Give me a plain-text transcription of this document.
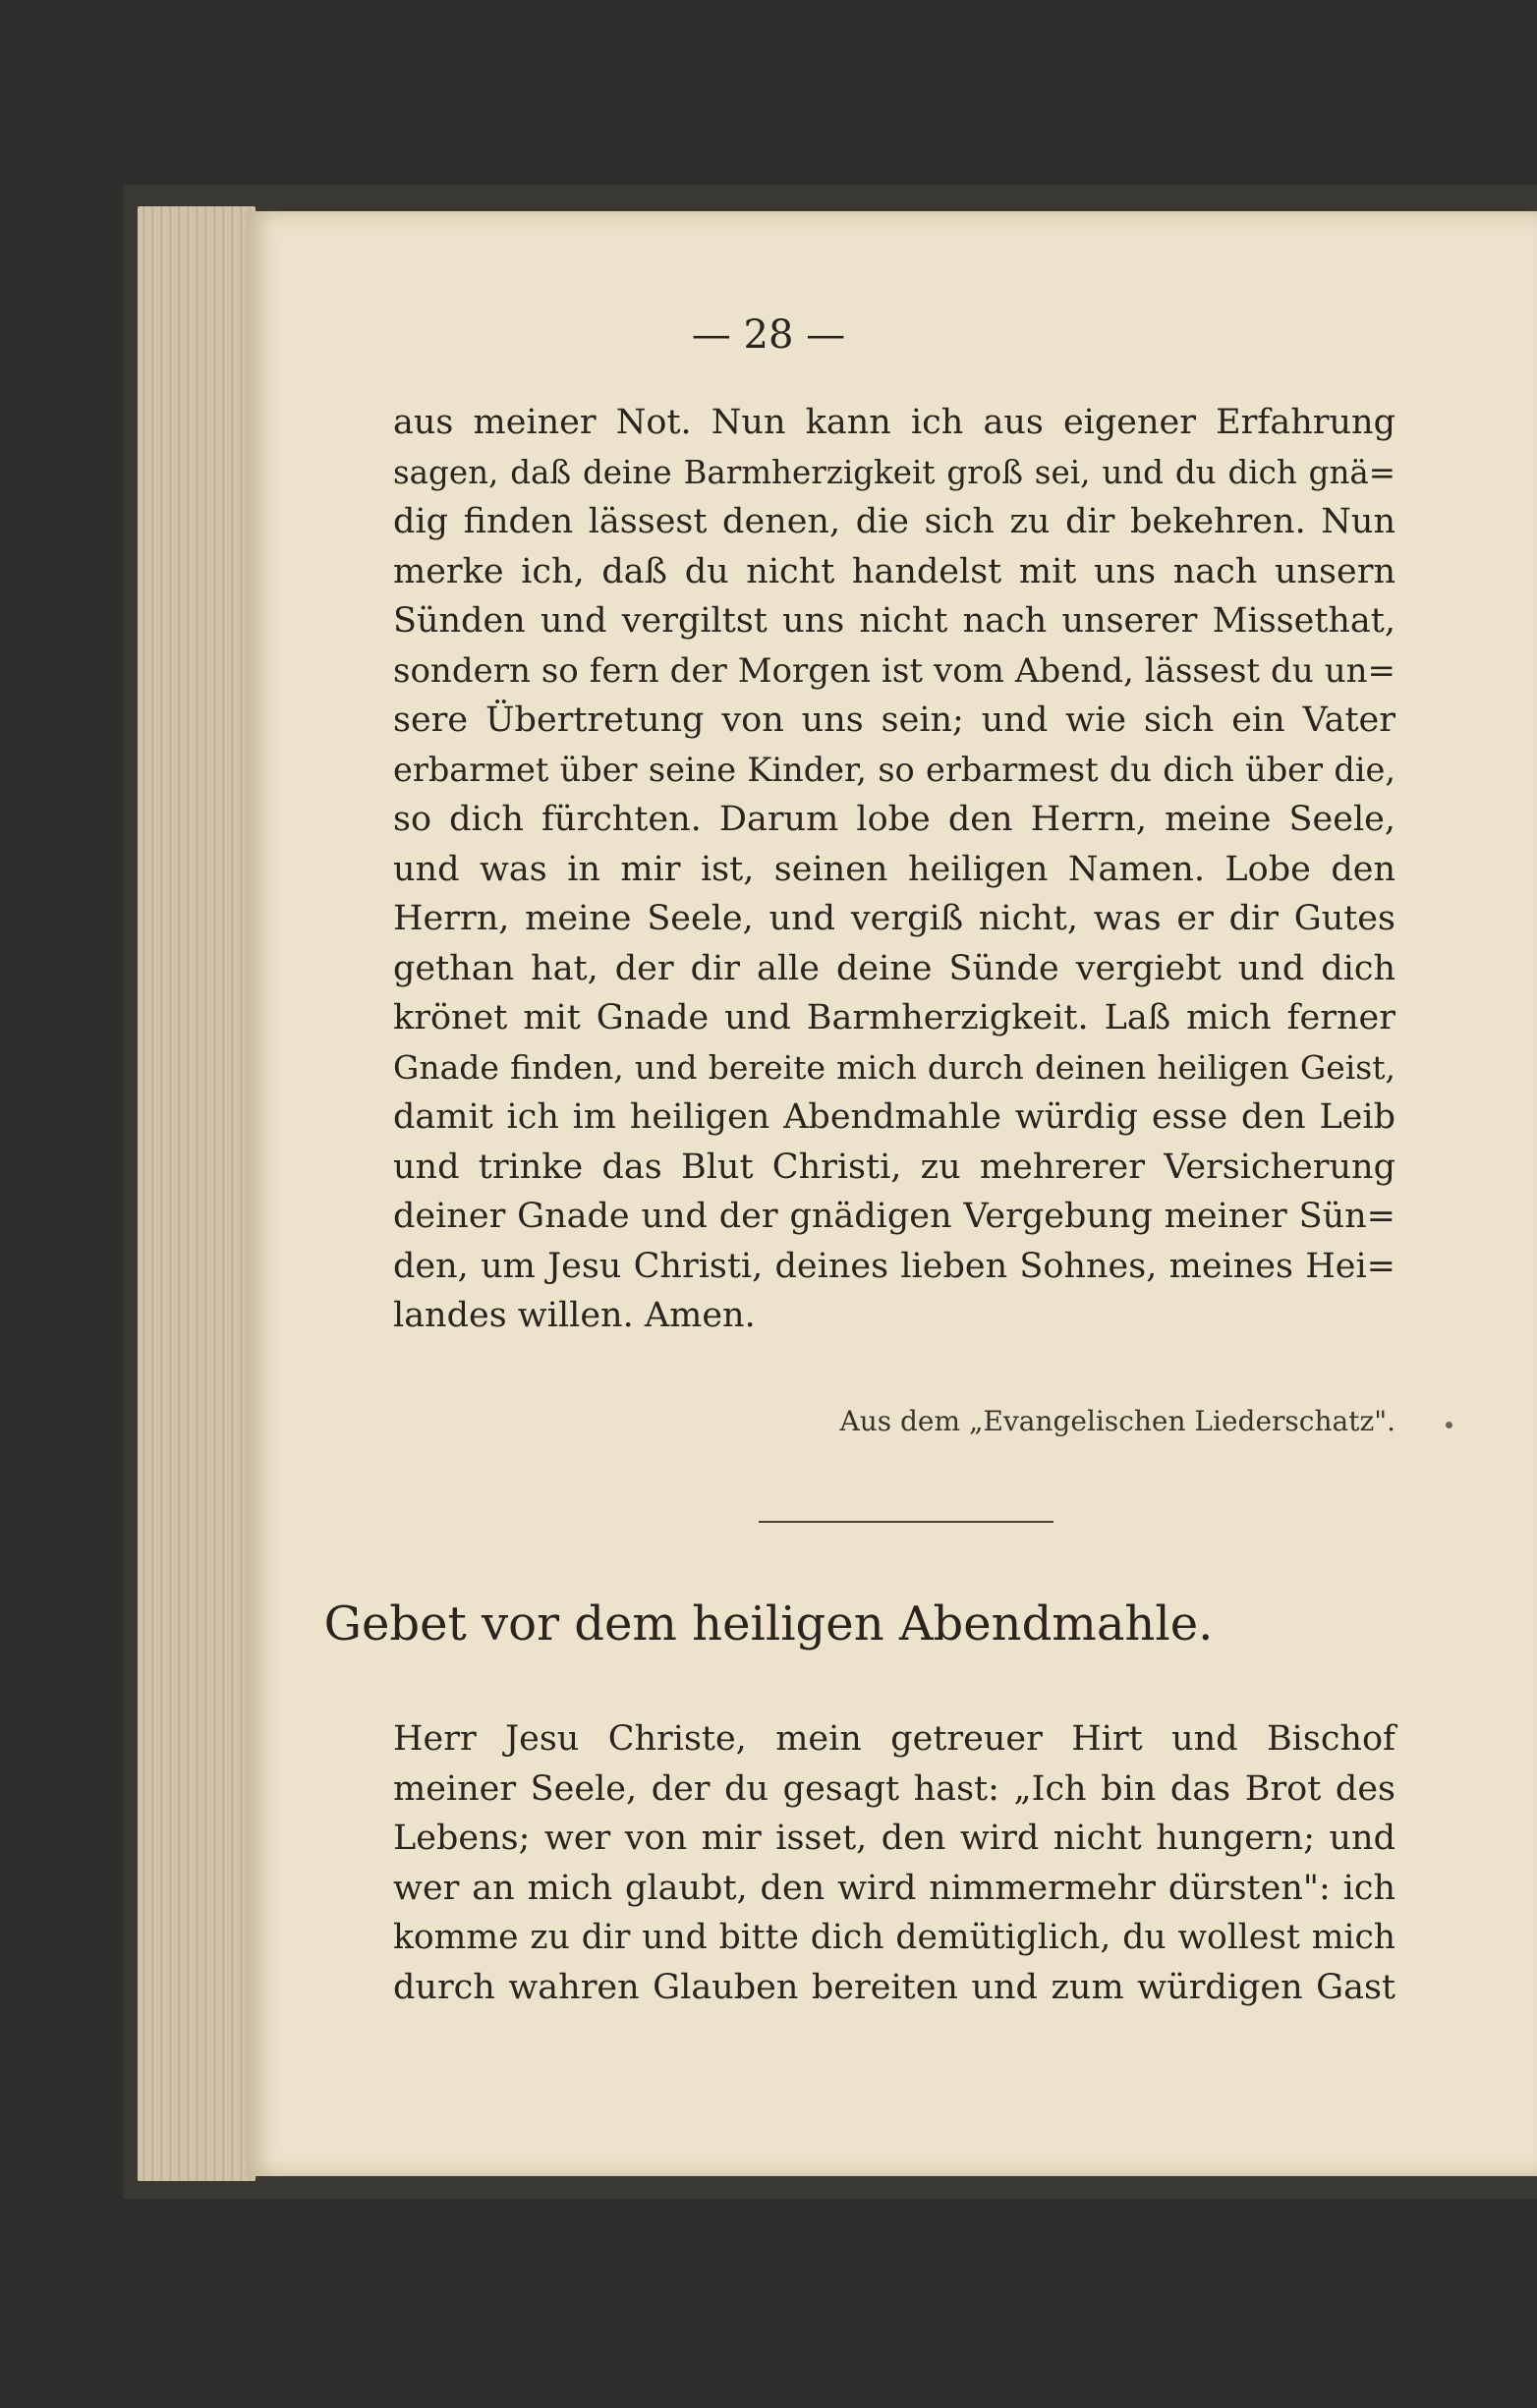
— 28 —

aus meiner Not. Nun kann ich aus eigener Erfahrung

sagen, daß deine Barmherzigkeit groß sei, und du dich gnä=

dig finden lässest denen, die sich zu dir bekehren. Nun

merke ich, daß du nicht handelst mit uns nach unsern

Sünden und vergiltst uns nicht nach unserer Missethat,

sondern so fern der Morgen ist vom Abend, lässest du un=

sere Übertretung von uns sein; und wie sich ein Vater

erbarmet über seine Kinder, so erbarmest du dich über die,

so dich fürchten. Darum lobe den Herrn, meine Seele,

und was in mir ist, seinen heiligen Namen. Lobe den

Herrn, meine Seele, und vergiß nicht, was er dir Gutes

gethan hat, der dir alle deine Sünde vergiebt und dich

krönet mit Gnade und Barmherzigkeit. Laß mich ferner

Gnade finden, und bereite mich durch deinen heiligen Geist,

damit ich im heiligen Abendmahle würdig esse den Leib

und trinke das Blut Christi, zu mehrerer Versicherung

deiner Gnade und der gnädigen Vergebung meiner Sün=

den, um Jesu Christi, deines lieben Sohnes, meines Hei=

landes willen. Amen.

Aus dem „Evangelischen Liederschatz".
Gebet vor dem heiligen Abendmahle.

Herr Jesu Christe, mein getreuer Hirt und Bischof

meiner Seele, der du gesagt hast: „Ich bin das Brot des

Lebens; wer von mir isset, den wird nicht hungern; und

wer an mich glaubt, den wird nimmermehr dürsten": ich

komme zu dir und bitte dich demütiglich, du wollest mich

durch wahren Glauben bereiten und zum würdigen Gast
